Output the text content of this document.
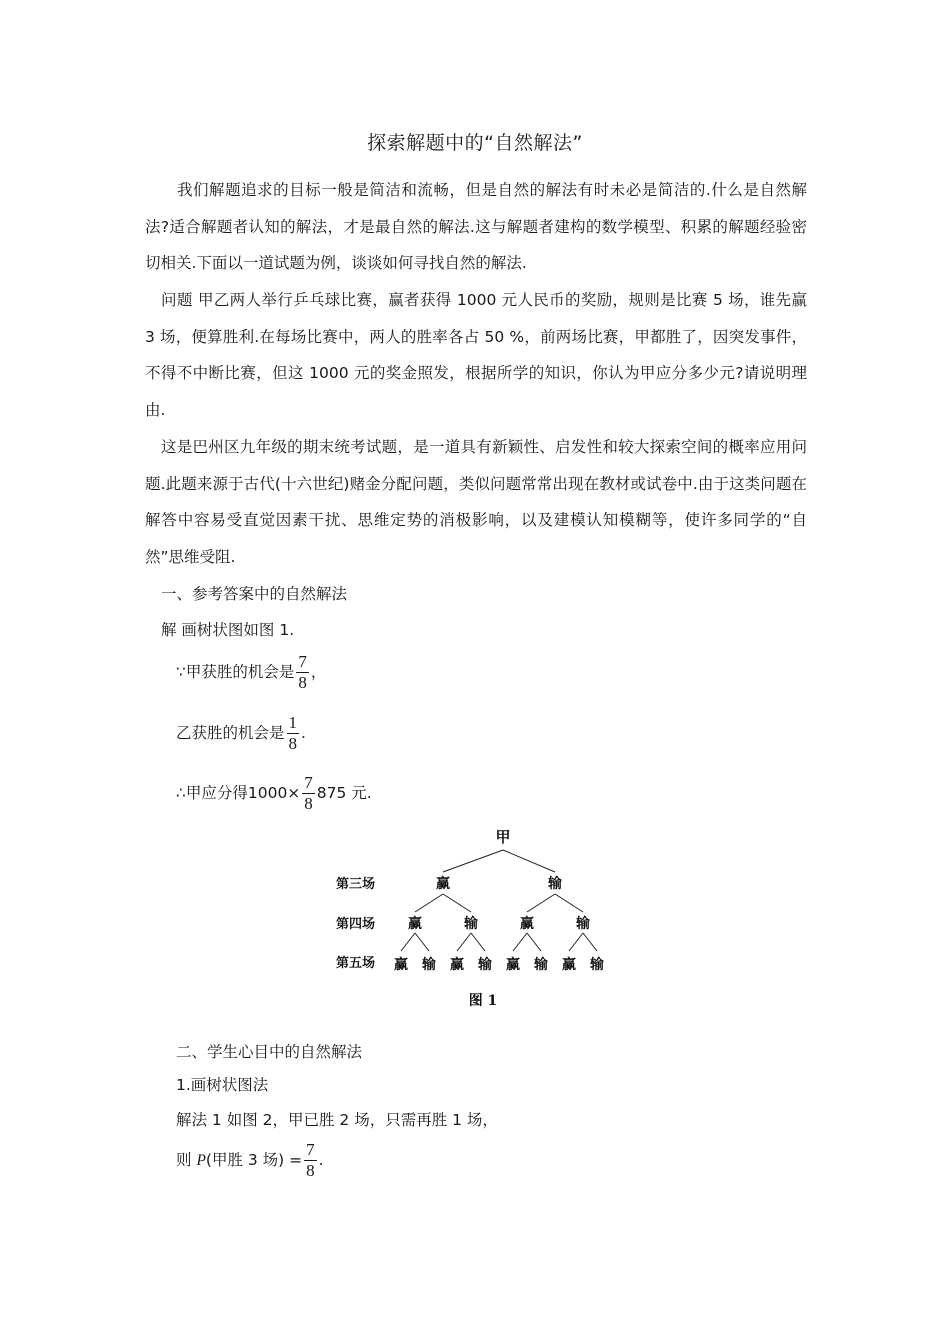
探索解题中的“自然解法”
我们解题追求的目标一般是简洁和流畅，但是自然的解法有时未必是简洁的.什么是自然解法?适合解题者认知的解法，才是最自然的解法.这与解题者建构的数学模型、积累的解题经验密切相关.下面以一道试题为例，谈谈如何寻找自然的解法.
问题 甲乙两人举行乒乓球比赛，赢者获得 1000 元人民币的奖励，规则是比赛 5 场，谁先赢 3 场，便算胜利.在每场比赛中，两人的胜率各占 50 %，前两场比赛，甲都胜了，因突发事件，不得不中断比赛，但这 1000 元的奖金照发，根据所学的知识，你认为甲应分多少元?请说明理由.
这是巴州区九年级的期末统考试题，是一道具有新颖性、启发性和较大探索空间的概率应用问题.此题来源于古代(十六世纪)赌金分配问题，类似问题常常出现在教材或试卷中.由于这类问题在解答中容易受直觉因素干扰、思维定势的消极影响，以及建模认知模糊等，使许多同学的“自然”思维受阻.
一、参考答案中的自然解法
解 画树状图如图 1.
∵甲获胜的机会是 $\frac{7}{8}$ ，
乙获胜的机会是 $\frac{1}{8}$ .
∴甲应分得$1000\times \frac{7}{8} 875$ 元.
甲
第三场
第四场
第五场
赢	输
赢	输	赢	输
赢 输 赢 输 赢 输 赢 输
图 1
二、学生心目中的自然解法
1.画树状图法
解法 1 如图 2，甲已胜 2 场，只需再胜 1 场，
则 P(甲胜 3 场) = $\frac{7}{8}$ .
